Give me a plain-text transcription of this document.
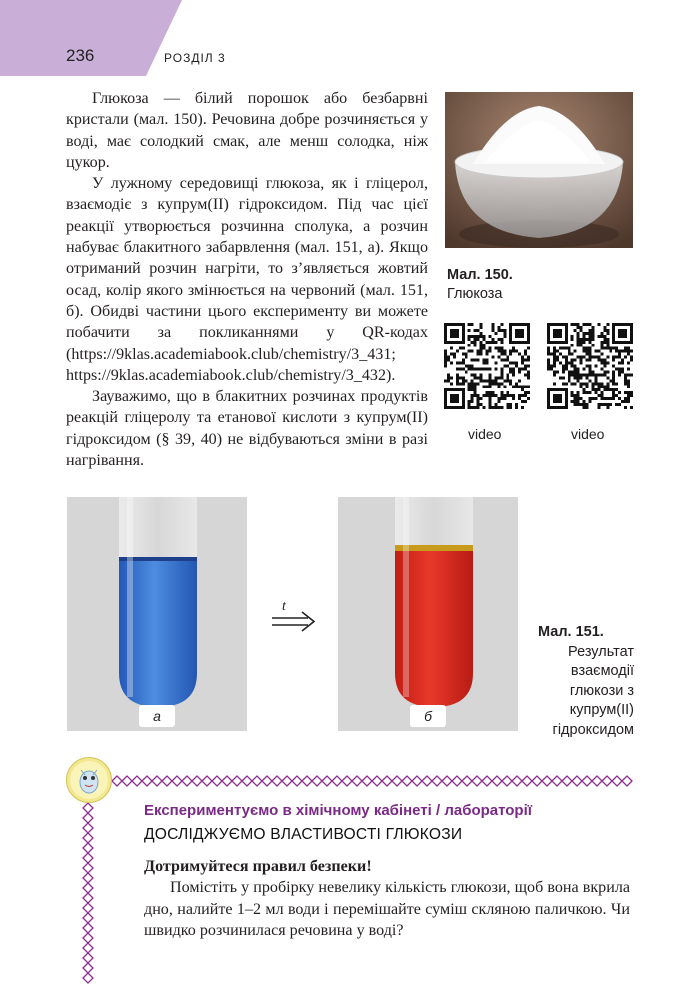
236	РОЗДІЛ 3

Глюкоза — білий порошок або безбарвні кристали (мал. 150). Речовина добре розчиняється у воді, має солодкий смак, але менш солодка, ніж цукор.

У лужному середовищі глюкоза, як і гліцерол, взаємодіє з купрум(ІІ) гідроксидом. Під час цієї реакції утворюється розчинна сполука, а розчин набуває блакитного забарвлення (мал. 151, а). Якщо отриманий розчин нагріти, то з’являється жовтий осад, колір якого змінюється на червоний (мал. 151, б). Обидві частини цього експерименту ви можете побачити за покликаннями у QR-кодах (https://9klas.academiabook.club/chemistry/3_431; https://9klas.academiabook.club/chemistry/3_432).

Зауважимо, що в блакитних розчинах продуктів реакцій гліцеролу та етанової кислоти з купрум(ІІ) гідроксидом (§ 39, 40) не відбуваються зміни в разі нагрівання.

Мал. 150.
Глюкоза
video	video
а
t
б
Мал. 151.
Результат взаємодії глюкози з купрум(ІІ) гідроксидом
Експериментуємо в хімічному кабінеті / лабораторії
ДОСЛІДЖУЄМО ВЛАСТИВОСТІ ГЛЮКОЗИ

Дотримуйтеся правил безпеки!

Помістіть у пробірку невелику кількість глюкози, щоб вона вкрила дно, налийте 1–2 мл води і перемішайте суміш скляною паличкою. Чи швидко розчинилася речовина у воді?
